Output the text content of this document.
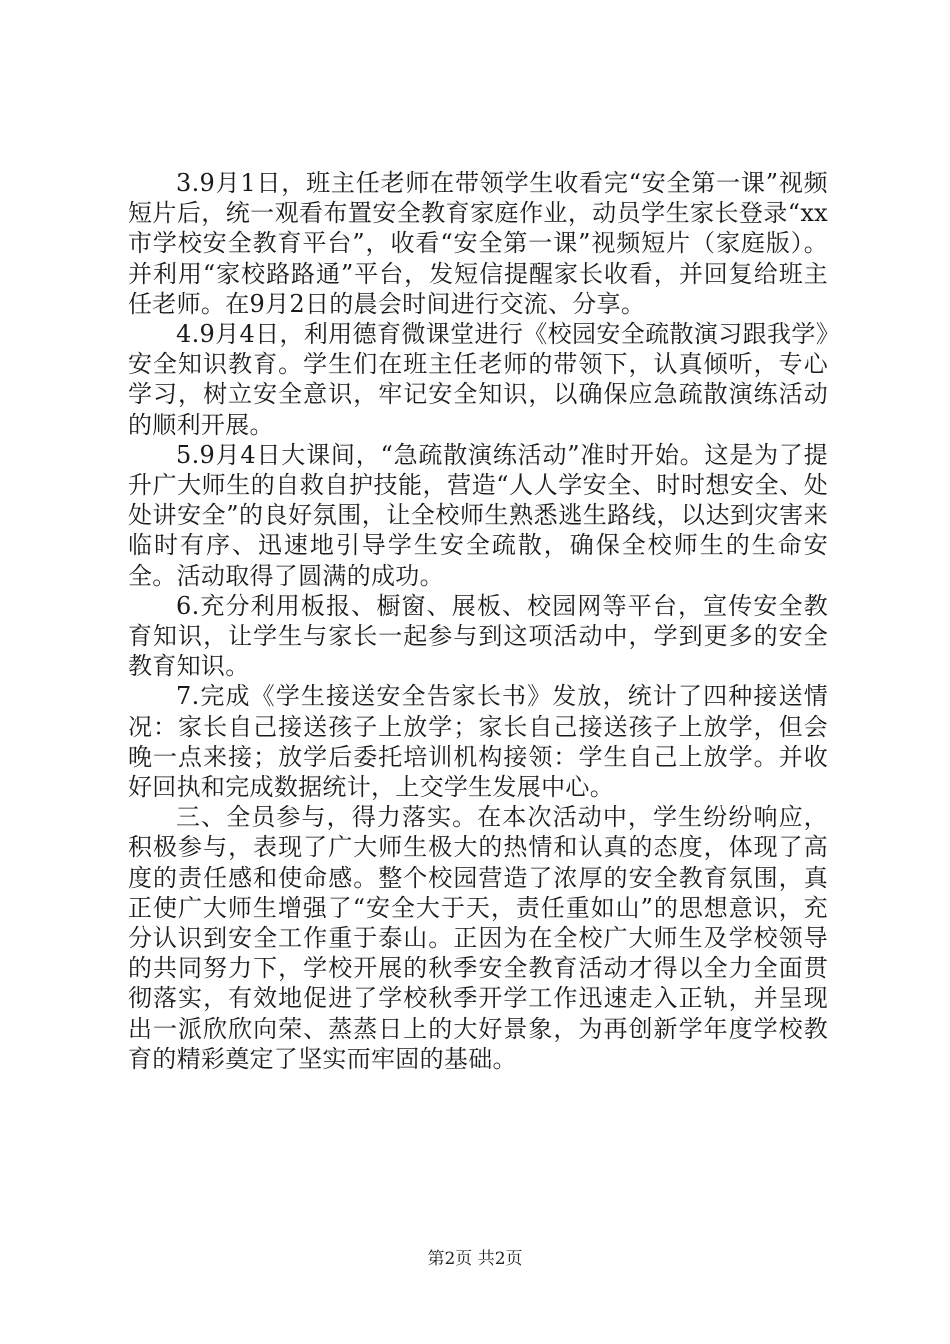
3.9月1日，班主任老师在带领学生收看完“安全第一课”视频短片后，统一观看布置安全教育家庭作业，动员学生家长登录“xx市学校安全教育平台”，收看“安全第一课”视频短片（家庭版）。并利用“家校路路通”平台，发短信提醒家长收看，并回复给班主任老师。在9月2日的晨会时间进行交流、分享。

4.9月4日，利用德育微课堂进行《校园安全疏散演习跟我学》安全知识教育。学生们在班主任老师的带领下，认真倾听，专心学习，树立安全意识，牢记安全知识，以确保应急疏散演练活动的顺利开展。

5.9月4日大课间，“急疏散演练活动”准时开始。这是为了提升广大师生的自救自护技能，营造“人人学安全、时时想安全、处处讲安全”的良好氛围，让全校师生熟悉逃生路线，以达到灾害来临时有序、迅速地引导学生安全疏散，确保全校师生的生命安全。活动取得了圆满的成功。

6.充分利用板报、橱窗、展板、校园网等平台，宣传安全教育知识，让学生与家长一起参与到这项活动中，学到更多的安全教育知识。

7.完成《学生接送安全告家长书》发放，统计了四种接送情况：家长自己接送孩子上放学；家长自己接送孩子上放学，但会晚一点来接；放学后委托培训机构接领：学生自己上放学。并收好回执和完成数据统计，上交学生发展中心。

三、全员参与，得力落实。在本次活动中，学生纷纷响应，积极参与，表现了广大师生极大的热情和认真的态度，体现了高度的责任感和使命感。整个校园营造了浓厚的安全教育氛围，真正使广大师生增强了“安全大于天，责任重如山”的思想意识，充分认识到安全工作重于泰山。正因为在全校广大师生及学校领导的共同努力下，学校开展的秋季安全教育活动才得以全力全面贯彻落实，有效地促进了学校秋季开学工作迅速走入正轨，并呈现出一派欣欣向荣、蒸蒸日上的大好景象，为再创新学年度学校教育的精彩奠定了坚实而牢固的基础。

第2页 共2页
